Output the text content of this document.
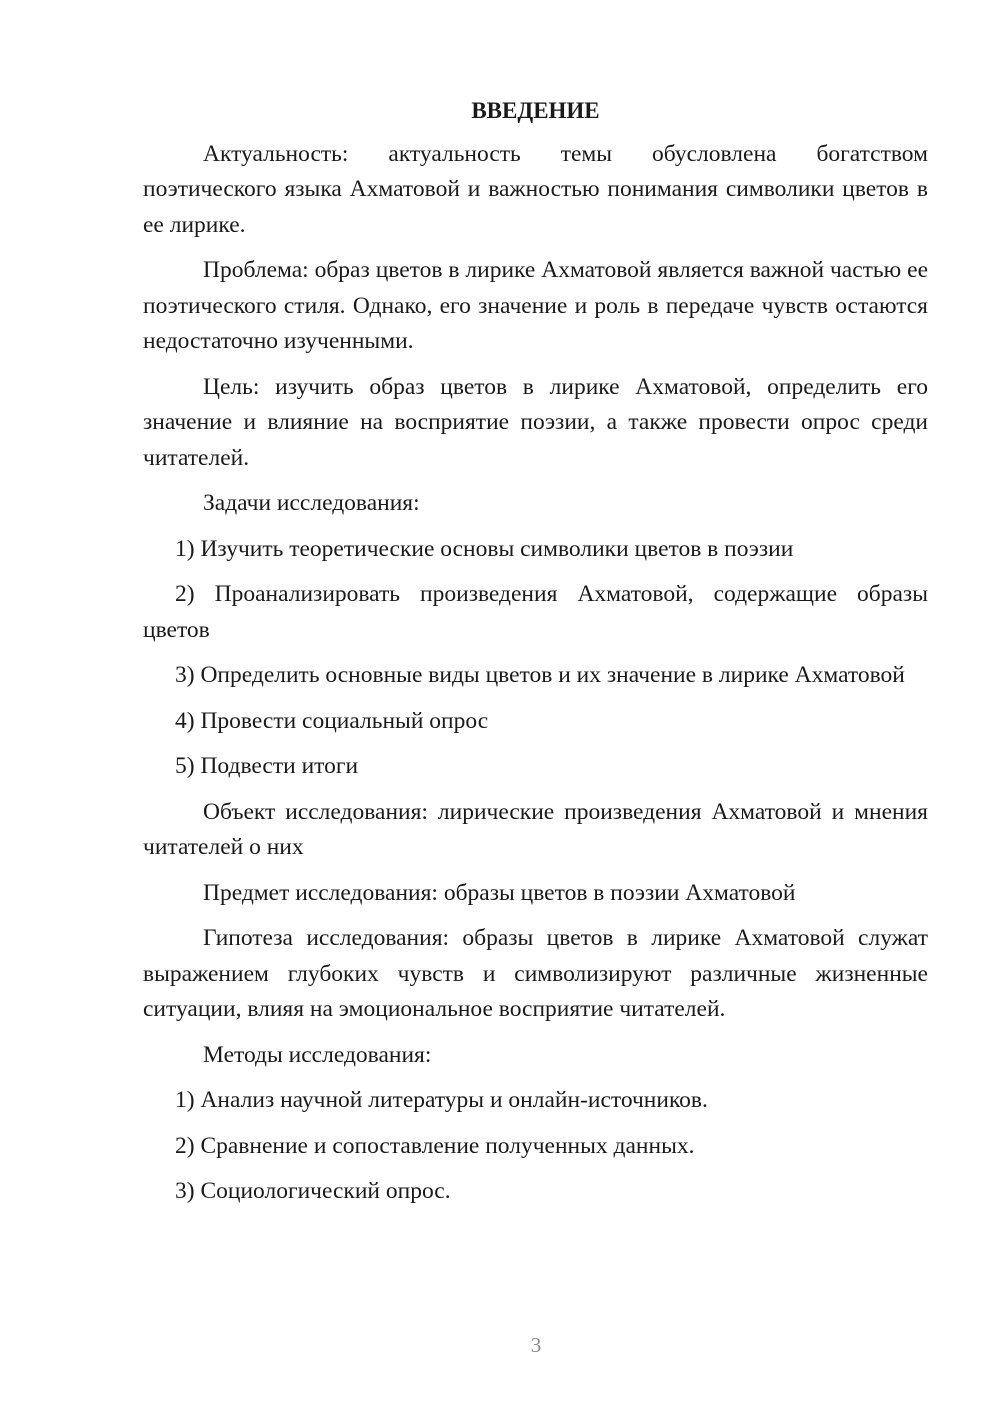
ВВЕДЕНИЕ

Актуальность: актуальность темы обусловлена богатством поэтического языка Ахматовой и важностью понимания символики цветов в ее лирике.

Проблема: образ цветов в лирике Ахматовой является важной частью ее поэтического стиля. Однако, его значение и роль в передаче чувств остаются недостаточно изученными.

Цель: изучить образ цветов в лирике Ахматовой, определить его значение и влияние на восприятие поэзии, а также провести опрос среди читателей.

Задачи исследования:

1) Изучить теоретические основы символики цветов в поэзии

2) Проанализировать произведения Ахматовой, содержащие образы цветов

3) Определить основные виды цветов и их значение в лирике Ахматовой

4) Провести социальный опрос

5) Подвести итоги

Объект исследования: лирические произведения Ахматовой и мнения читателей о них

Предмет исследования: образы цветов в поэзии Ахматовой

Гипотеза исследования: образы цветов в лирике Ахматовой служат выражением глубоких чувств и символизируют различные жизненные ситуации, влияя на эмоциональное восприятие читателей.

Методы исследования:

1) Анализ научной литературы и онлайн-источников.

2) Сравнение и сопоставление полученных данных.

3) Социологический опрос.

3
